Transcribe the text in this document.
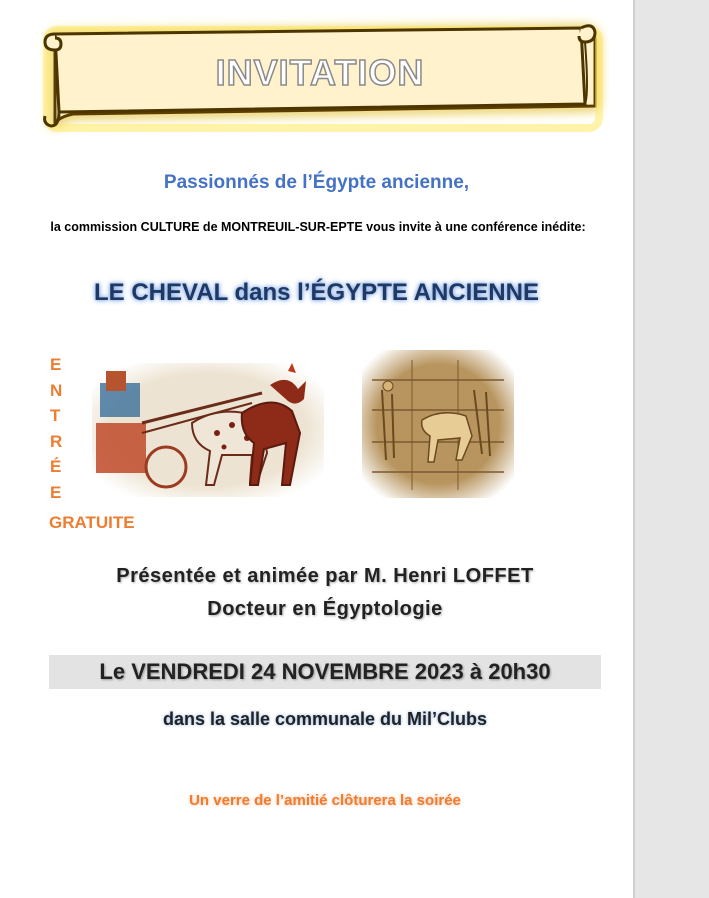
INVITATION
Passionnés de l’Égypte ancienne,
la commission CULTURE de MONTREUIL-SUR-EPTE vous invite à une conférence inédite:
LE CHEVAL dans l’ÉGYPTE ANCIENNE
E
N
T
R
É
E
GRATUITE
Présentée et animée par M. Henri LOFFET
Docteur en Égyptologie
Le VENDREDI 24 NOVEMBRE 2023 à 20h30
dans la salle communale du Mil’Clubs
Un verre de l’amitié clôturera la soirée
